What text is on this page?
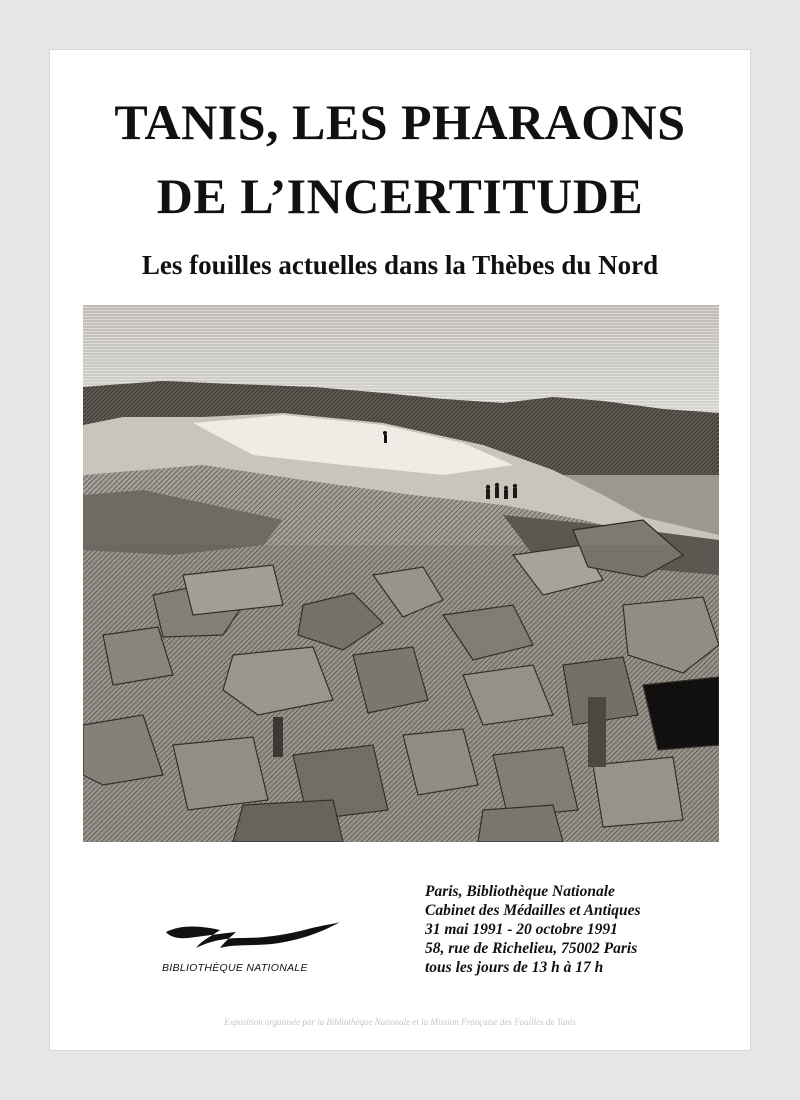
TANIS, LES PHARAONS
DE L’INCERTITUDE
Les fouilles actuelles dans la Thèbes du Nord
BIBLIOTHÈQUE NATIONALE
Paris, Bibliothèque Nationale
Cabinet des Médailles et Antiques
31 mai 1991 - 20 octobre 1991
58, rue de Richelieu, 75002 Paris
tous les jours de 13 h à 17 h
Exposition organisée par la Bibliothèque Nationale et la Mission Française des Fouilles de Tanis
